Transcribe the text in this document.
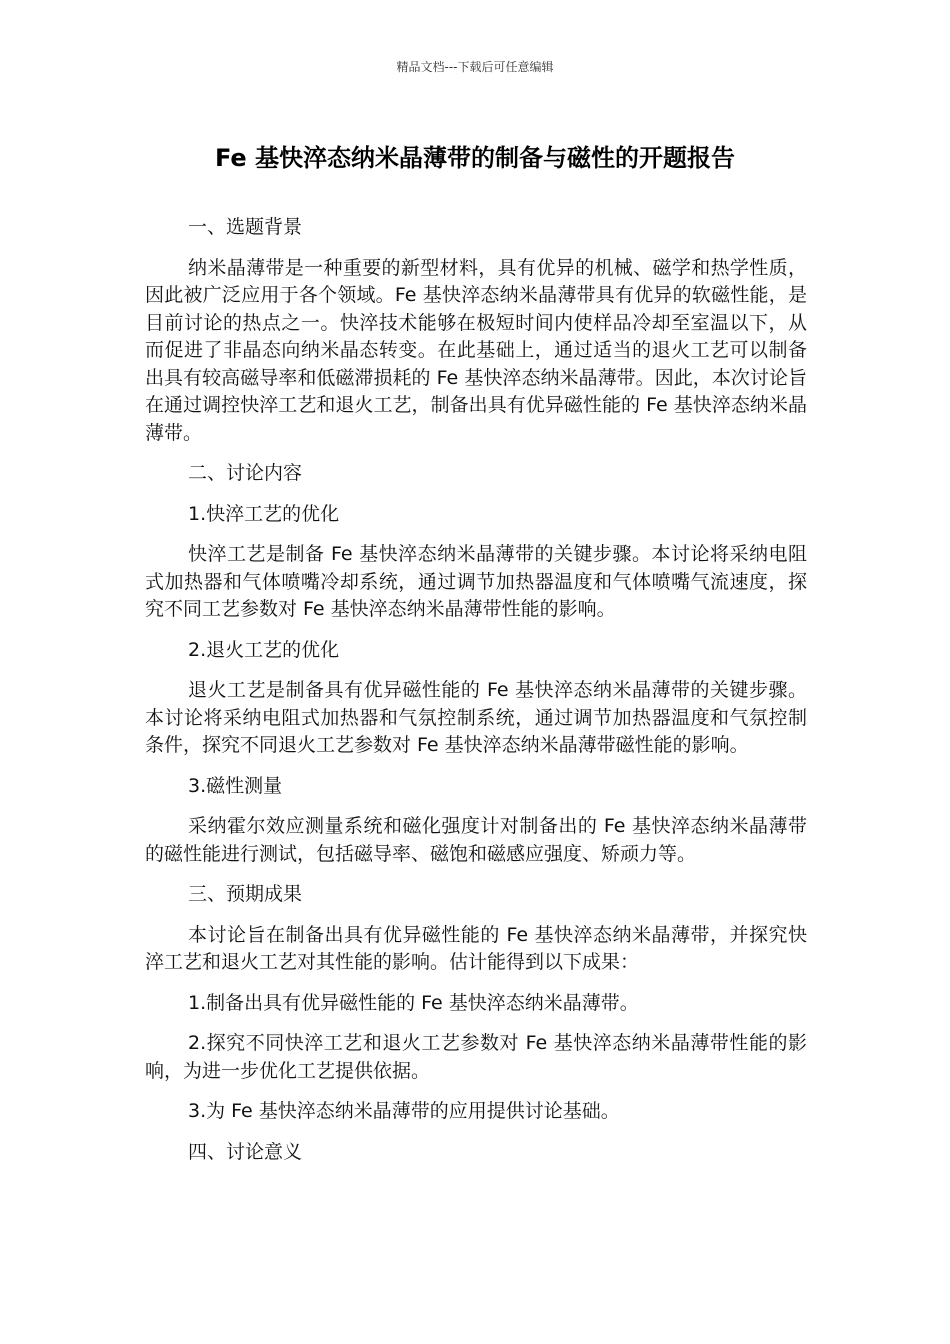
精品文档---下载后可任意编辑
Fe 基快淬态纳米晶薄带的制备与磁性的开题报告

一、选题背景

纳米晶薄带是一种重要的新型材料，具有优异的机械、磁学和热学性质，因此被广泛应用于各个领域。Fe 基快淬态纳米晶薄带具有优异的软磁性能，是目前讨论的热点之一。快淬技术能够在极短时间内使样品冷却至室温以下，从而促进了非晶态向纳米晶态转变。在此基础上，通过适当的退火工艺可以制备出具有较高磁导率和低磁滞损耗的 Fe 基快淬态纳米晶薄带。因此，本次讨论旨在通过调控快淬工艺和退火工艺，制备出具有优异磁性能的 Fe 基快淬态纳米晶薄带。

二、讨论内容

1.快淬工艺的优化

快淬工艺是制备 Fe 基快淬态纳米晶薄带的关键步骤。本讨论将采纳电阻式加热器和气体喷嘴冷却系统，通过调节加热器温度和气体喷嘴气流速度，探究不同工艺参数对 Fe 基快淬态纳米晶薄带性能的影响。

2.退火工艺的优化

退火工艺是制备具有优异磁性能的 Fe 基快淬态纳米晶薄带的关键步骤。本讨论将采纳电阻式加热器和气氛控制系统，通过调节加热器温度和气氛控制条件，探究不同退火工艺参数对 Fe 基快淬态纳米晶薄带磁性能的影响。

3.磁性测量

采纳霍尔效应测量系统和磁化强度计对制备出的 Fe 基快淬态纳米晶薄带的磁性能进行测试，包括磁导率、磁饱和磁感应强度、矫顽力等。

三、预期成果

本讨论旨在制备出具有优异磁性能的 Fe 基快淬态纳米晶薄带，并探究快淬工艺和退火工艺对其性能的影响。估计能得到以下成果：

1.制备出具有优异磁性能的 Fe 基快淬态纳米晶薄带。

2.探究不同快淬工艺和退火工艺参数对 Fe 基快淬态纳米晶薄带性能的影响，为进一步优化工艺提供依据。

3.为 Fe 基快淬态纳米晶薄带的应用提供讨论基础。

四、讨论意义
